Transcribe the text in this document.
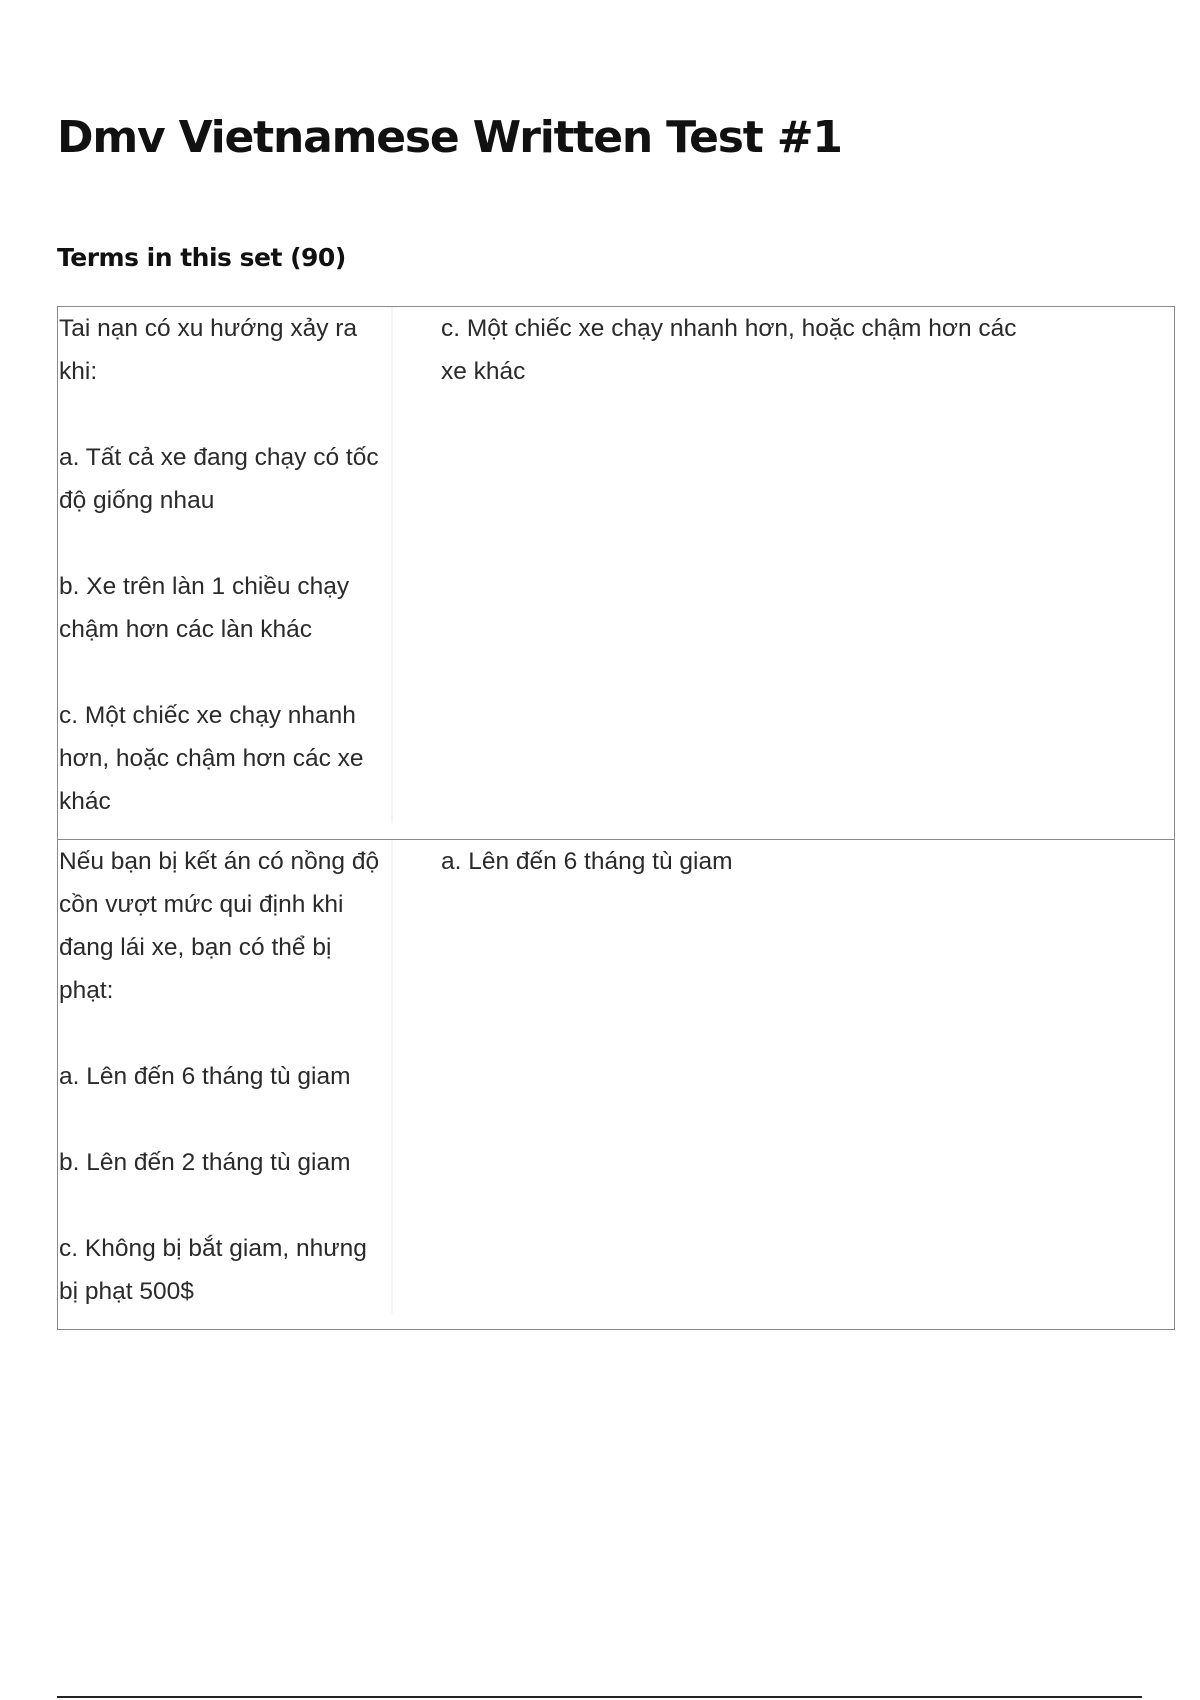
Dmv Vietnamese Written Test #1
Terms in this set (90)

Tai nạn có xu hướng xảy ra khi:

a. Tất cả xe đang chạy có tốc độ giống nhau

b. Xe trên làn 1 chiều chạy chậm hơn các làn khác

c. Một chiếc xe chạy nhanh hơn, hoặc chậm hơn các xe khác

c. Một chiếc xe chạy nhanh hơn, hoặc chậm hơn các xe khác

Nếu bạn bị kết án có nồng độ cồn vượt mức qui định khi đang lái xe, bạn có thể bị phạt:

a. Lên đến 6 tháng tù giam

b. Lên đến 2 tháng tù giam

c. Không bị bắt giam, nhưng bị phạt 500$

a. Lên đến 6 tháng tù giam
